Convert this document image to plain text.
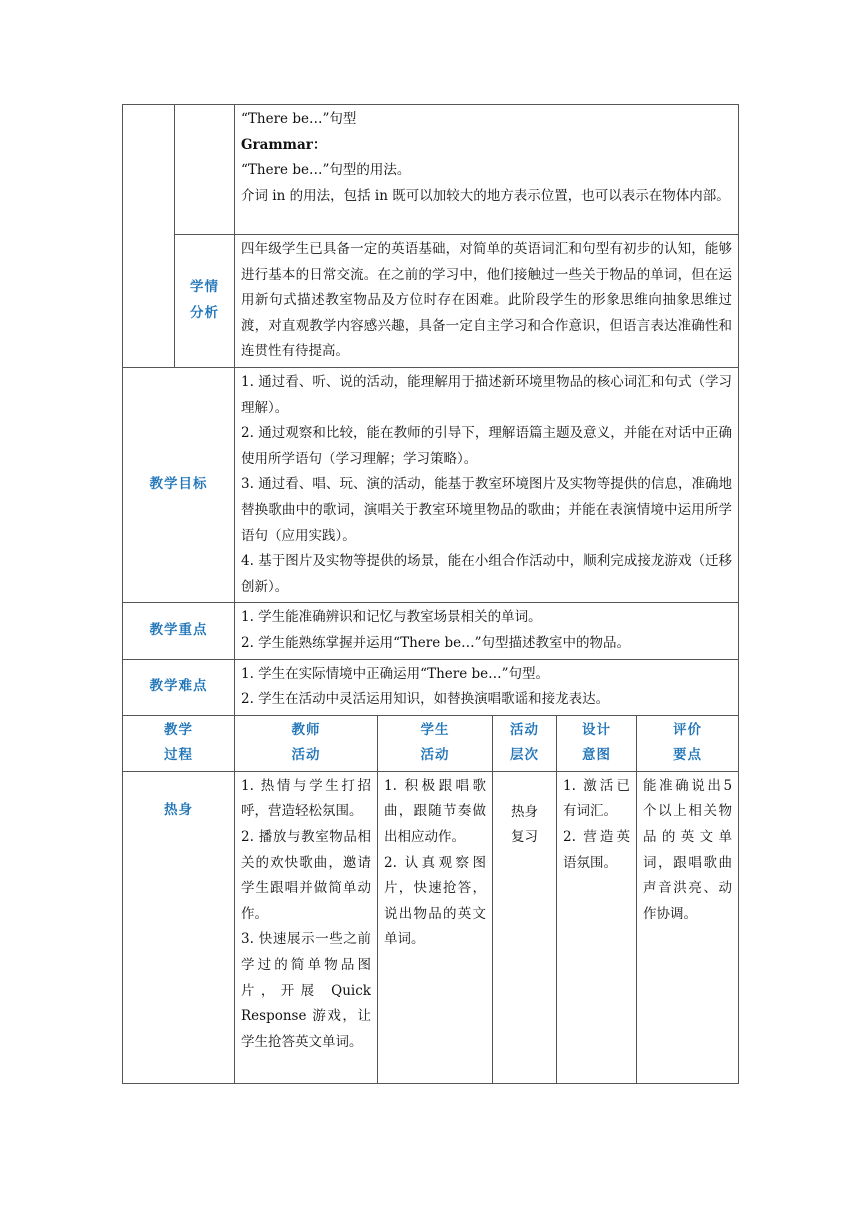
		“There be…”句型

Grammar：

“There be…”句型的用法。

介词 in 的用法，包括 in 既可以加较大的地方表示位置，也可以表示在物体内部。				

	学情
分析	四年级学生已具备一定的英语基础，对简单的英语词汇和句型有初步的认知，能够进行基本的日常交流。在之前的学习中，他们接触过一些关于物品的单词，但在运用新句式描述教室物品及方位时存在困难。此阶段学生的形象思维向抽象思维过渡，对直观教学内容感兴趣，具备一定自主学习和合作意识，但语言表达准确性和连贯性有待提高。				
教学目标		1. 通过看、听、说的活动，能理解用于描述新环境里物品的核心词汇和句式（学习理解）。

2. 通过观察和比较，能在教师的引导下，理解语篇主题及意义，并能在对话中正确使用所学语句（学习理解；学习策略）。

3. 通过看、唱、玩、演的活动，能基于教室环境图片及实物等提供的信息，准确地替换歌曲中的歌词，演唱关于教室环境里物品的歌曲；并能在表演情境中运用所学语句（应用实践）。

4. 基于图片及实物等提供的场景，能在小组合作活动中，顺利完成接龙游戏（迁移创新）。				

教学重点		1. 学生能准确辨识和记忆与教室场景相关的单词。

2. 学生能熟练掌握并运用“There be…”句型描述教室中的物品。				

教学难点		1. 学生在实际情境中正确运用“There be…”句型。

2. 学生在活动中灵活运用知识，如替换演唱歌谣和接龙表达。				

教学
过程		教师
活动	学生
活动	活动
层次	设计
意图	评价
要点
热身		1. 热情与学生打招呼，营造轻松氛围。
2. 播放与教室物品相关的欢快歌曲，邀请学生跟唱并做简单动作。
3. 快速展示一些之前学过的简单物品图片，开展 Quick Response 游戏，让学生抢答英文单词。	1. 积极跟唱歌曲，跟随节奏做出相应动作。
2. 认真观察图片，快速抢答，说出物品的英文单词。	热身
复习	1. 激活已有词汇。
2. 营造英语氛围。	能准确说出5 个以上相关物品的英文单词，跟唱歌曲声音洪亮、动作协调。
